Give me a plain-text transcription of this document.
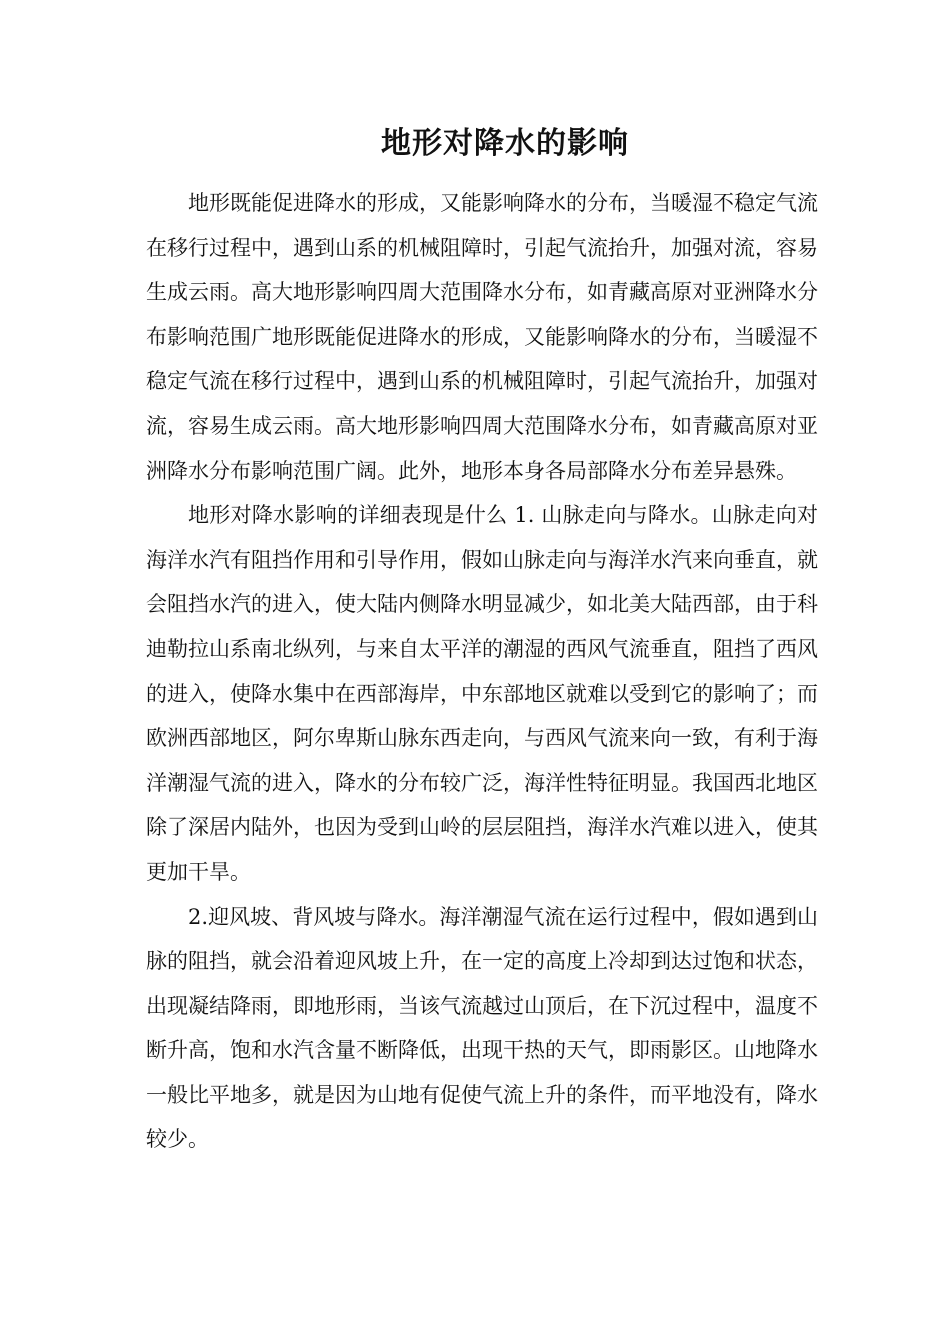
地形对降水的影响

地形既能促进降水的形成，又能影响降水的分布，当暖湿不稳定气流在移行过程中，遇到山系的机械阻障时，引起气流抬升，加强对流，容易生成云雨。高大地形影响四周大范围降水分布，如青藏高原对亚洲降水分布影响范围广地形既能促进降水的形成，又能影响降水的分布，当暖湿不稳定气流在移行过程中，遇到山系的机械阻障时，引起气流抬升，加强对流，容易生成云雨。高大地形影响四周大范围降水分布，如青藏高原对亚洲降水分布影响范围广阔。此外，地形本身各局部降水分布差异悬殊。

地形对降水影响的详细表现是什么 1. 山脉走向与降水。山脉走向对海洋水汽有阻挡作用和引导作用，假如山脉走向与海洋水汽来向垂直，就会阻挡水汽的进入，使大陆内侧降水明显减少，如北美大陆西部，由于科迪勒拉山系南北纵列，与来自太平洋的潮湿的西风气流垂直，阻挡了西风的进入，使降水集中在西部海岸，中东部地区就难以受到它的影响了；而欧洲西部地区，阿尔卑斯山脉东西走向，与西风气流来向一致，有利于海洋潮湿气流的进入，降水的分布较广泛，海洋性特征明显。我国西北地区除了深居内陆外，也因为受到山岭的层层阻挡，海洋水汽难以进入，使其更加干旱。

2.迎风坡、背风坡与降水。海洋潮湿气流在运行过程中，假如遇到山脉的阻挡，就会沿着迎风坡上升，在一定的高度上冷却到达过饱和状态，出现凝结降雨，即地形雨，当该气流越过山顶后，在下沉过程中，温度不断升高，饱和水汽含量不断降低，出现干热的天气，即雨影区。山地降水一般比平地多，就是因为山地有促使气流上升的条件，而平地没有，降水较少。
